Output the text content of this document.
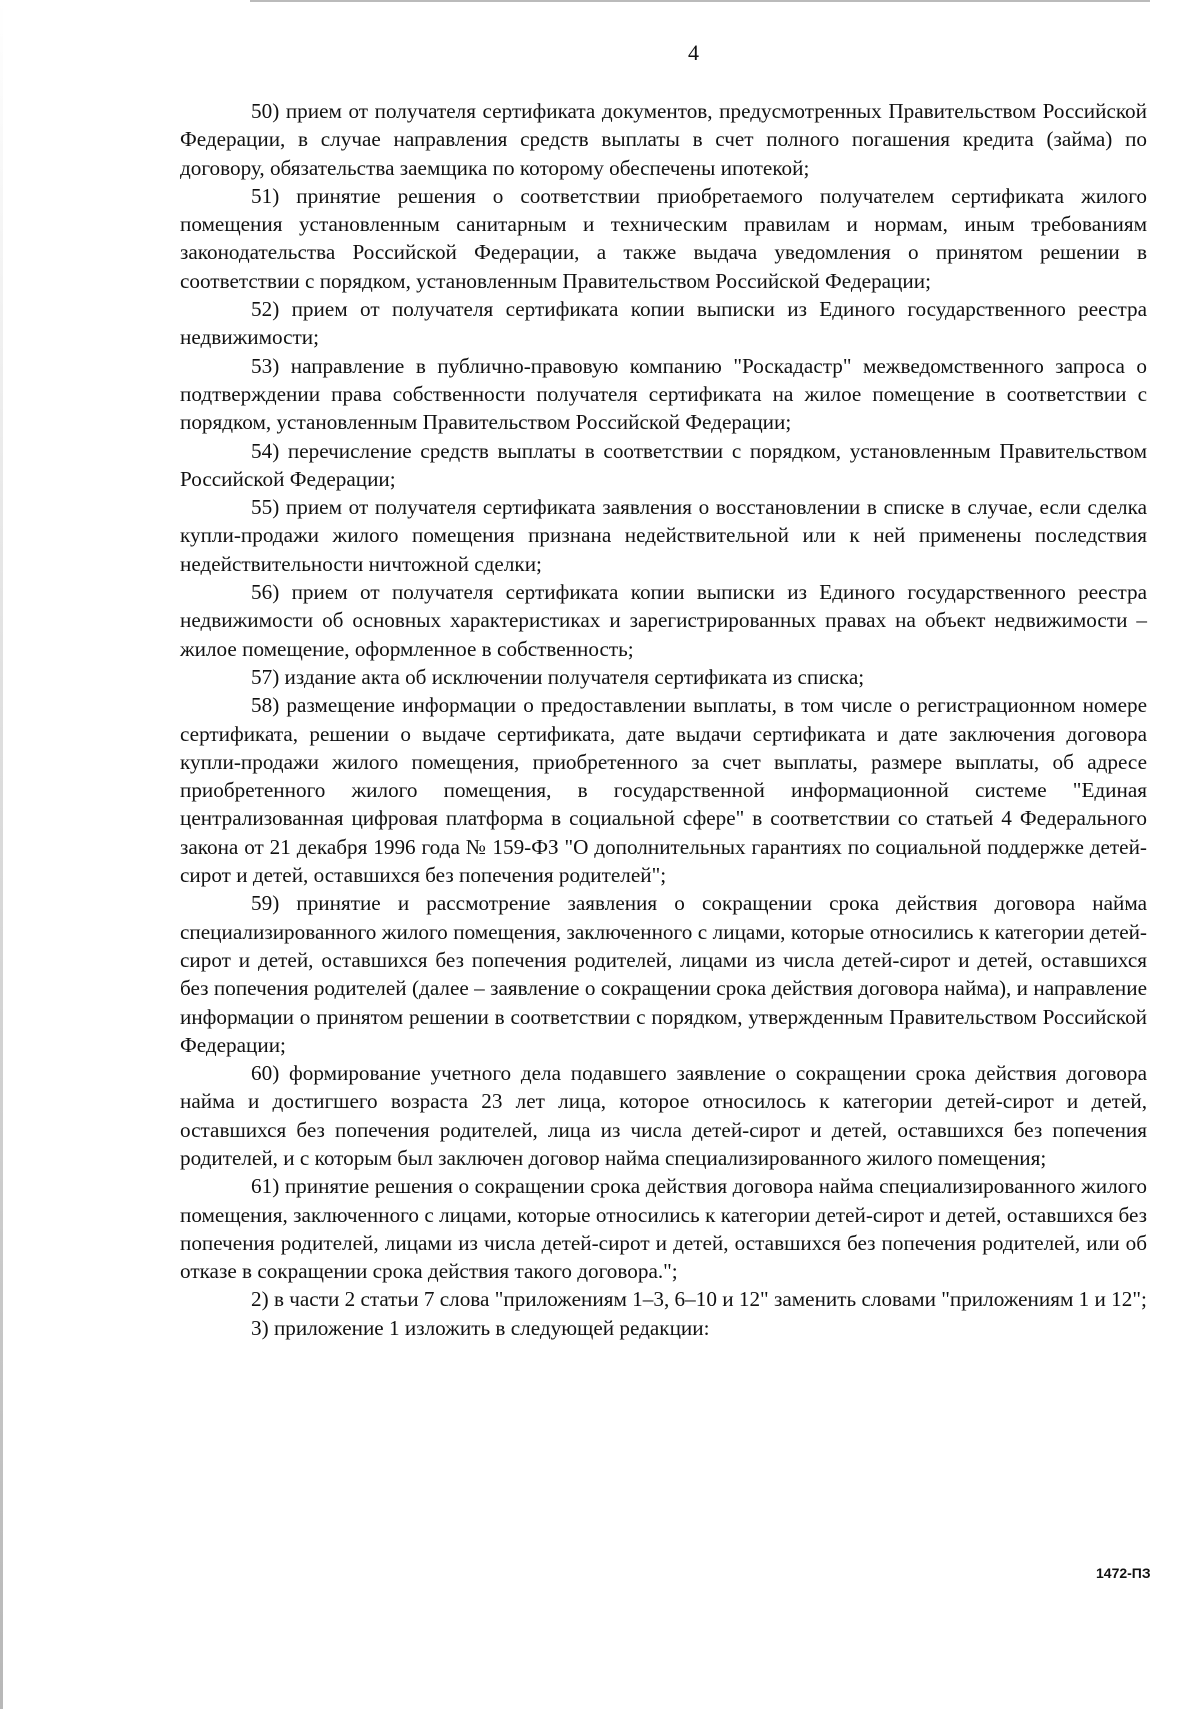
4

50) прием от получателя сертификата документов, предусмотренных Правительством Российской Федерации, в случае направления средств выплаты в счет полного погашения кредита (займа) по договору, обязательства заемщика по которому обеспечены ипотекой;

51) принятие решения о соответствии приобретаемого получателем сертификата жилого помещения установленным санитарным и техническим правилам и нормам, иным требованиям законодательства Российской Федерации, а также выдача уведомления о принятом решении в соответствии с порядком, установленным Правительством Российской Федерации;

52) прием от получателя сертификата копии выписки из Единого государственного реестра недвижимости;

53) направление в публично-правовую компанию "Роскадастр" межведомственного запроса о подтверждении права собственности получателя сертификата на жилое помещение в соответствии с порядком, установленным Правительством Российской Федерации;

54) перечисление средств выплаты в соответствии с порядком, установленным Правительством Российской Федерации;

55) прием от получателя сертификата заявления о восстановлении в списке в случае, если сделка купли-продажи жилого помещения признана недействительной или к ней применены последствия недействительности ничтожной сделки;

56) прием от получателя сертификата копии выписки из Единого государственного реестра недвижимости об основных характеристиках и зарегистрированных правах на объект недвижимости – жилое помещение, оформленное в собственность;

57) издание акта об исключении получателя сертификата из списка;

58) размещение информации о предоставлении выплаты, в том числе о регистрационном номере сертификата, решении о выдаче сертификата, дате выдачи сертификата и дате заключения договора купли-продажи жилого помещения, приобретенного за счет выплаты, размере выплаты, об адресе приобретенного жилого помещения, в государственной информационной системе "Единая централизованная цифровая платформа в социальной сфере" в соответствии со статьей 4 Федерального закона от 21 декабря 1996 года № 159-ФЗ "О дополнительных гарантиях по социальной поддержке детей-сирот и детей, оставшихся без попечения родителей";

59) принятие и рассмотрение заявления о сокращении срока действия договора найма специализированного жилого помещения, заключенного с лицами, которые относились к категории детей-сирот и детей, оставшихся без попечения родителей, лицами из числа детей-сирот и детей, оставшихся без попечения родителей (далее – заявление о сокращении срока действия договора найма), и направление информации о принятом решении в соответствии с порядком, утвержденным Правительством Российской Федерации;

60) формирование учетного дела подавшего заявление о сокращении срока действия договора найма и достигшего возраста 23 лет лица, которое относилось к категории детей-сирот и детей, оставшихся без попечения родителей, лица из числа детей-сирот и детей, оставшихся без попечения родителей, и с которым был заключен договор найма специализированного жилого помещения;

61) принятие решения о сокращении срока действия договора найма специализированного жилого помещения, заключенного с лицами, которые относились к категории детей-сирот и детей, оставшихся без попечения родителей, лицами из числа детей-сирот и детей, оставшихся без попечения родителей, или об отказе в сокращении срока действия такого договора.";

2) в части 2 статьи 7 слова "приложениям 1–3, 6–10 и 12" заменить словами "приложениям 1 и 12";

3) приложение 1 изложить в следующей редакции:

1472-ПЗ
